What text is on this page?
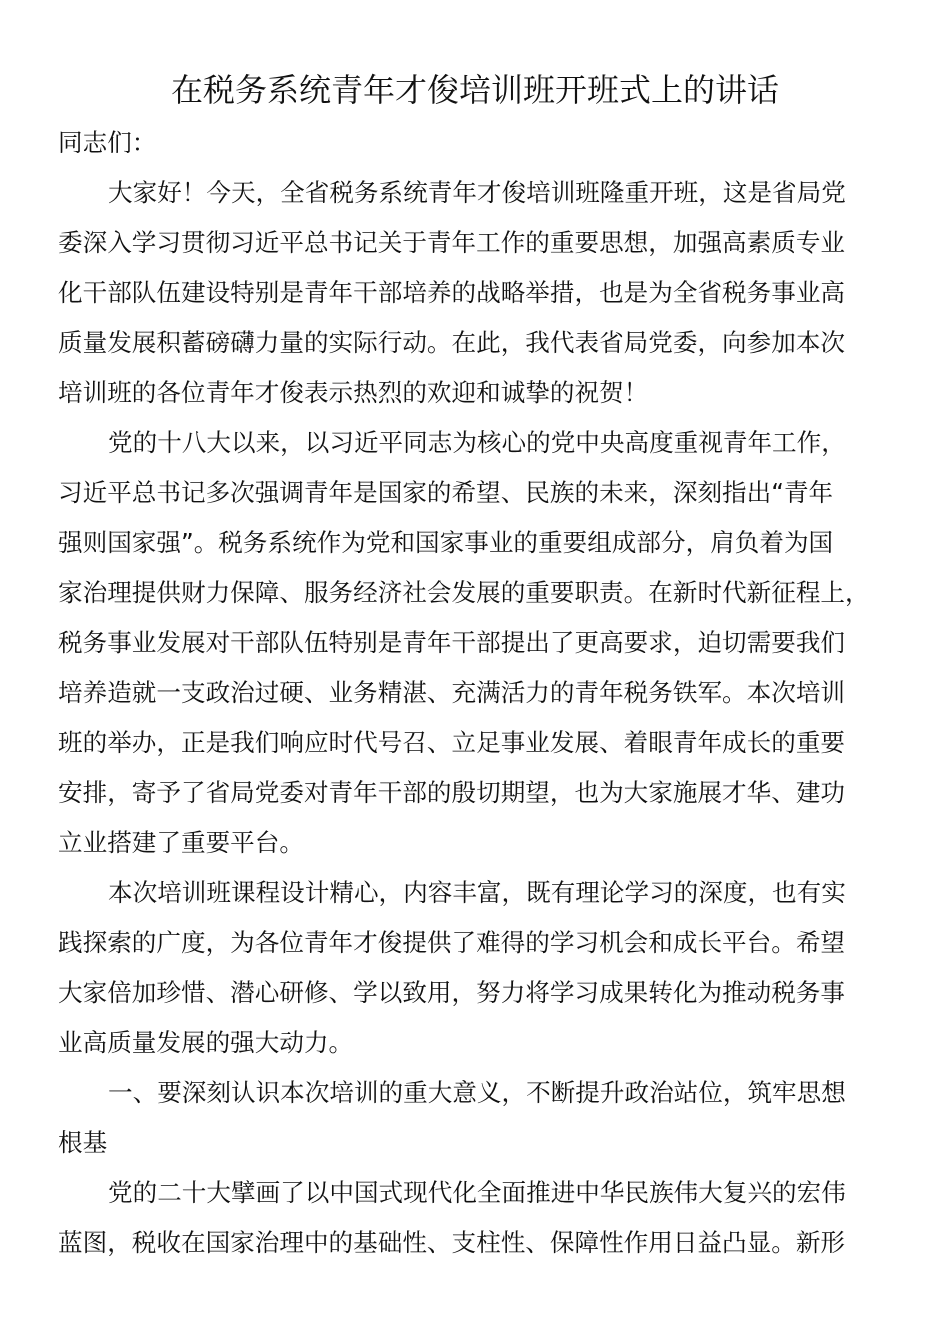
在税务系统青年才俊培训班开班式上的讲话
同志们：
大家好！今天，全省税务系统青年才俊培训班隆重开班，这是省局党
委深入学习贯彻习近平总书记关于青年工作的重要思想，加强高素质专业
化干部队伍建设特别是青年干部培养的战略举措，也是为全省税务事业高
质量发展积蓄磅礴力量的实际行动。在此，我代表省局党委，向参加本次
培训班的各位青年才俊表示热烈的欢迎和诚挚的祝贺！
党的十八大以来，以习近平同志为核心的党中央高度重视青年工作，
习近平总书记多次强调青年是国家的希望、民族的未来，深刻指出“青年
强则国家强”。税务系统作为党和国家事业的重要组成部分，肩负着为国
家治理提供财力保障、服务经济社会发展的重要职责。在新时代新征程上，
税务事业发展对干部队伍特别是青年干部提出了更高要求，迫切需要我们
培养造就一支政治过硬、业务精湛、充满活力的青年税务铁军。本次培训
班的举办，正是我们响应时代号召、立足事业发展、着眼青年成长的重要
安排，寄予了省局党委对青年干部的殷切期望，也为大家施展才华、建功
立业搭建了重要平台。
本次培训班课程设计精心，内容丰富，既有理论学习的深度，也有实
践探索的广度，为各位青年才俊提供了难得的学习机会和成长平台。希望
大家倍加珍惜、潜心研修、学以致用，努力将学习成果转化为推动税务事
业高质量发展的强大动力。
一、要深刻认识本次培训的重大意义，不断提升政治站位，筑牢思想
根基
党的二十大擘画了以中国式现代化全面推进中华民族伟大复兴的宏伟
蓝图，税收在国家治理中的基础性、支柱性、保障性作用日益凸显。新形
